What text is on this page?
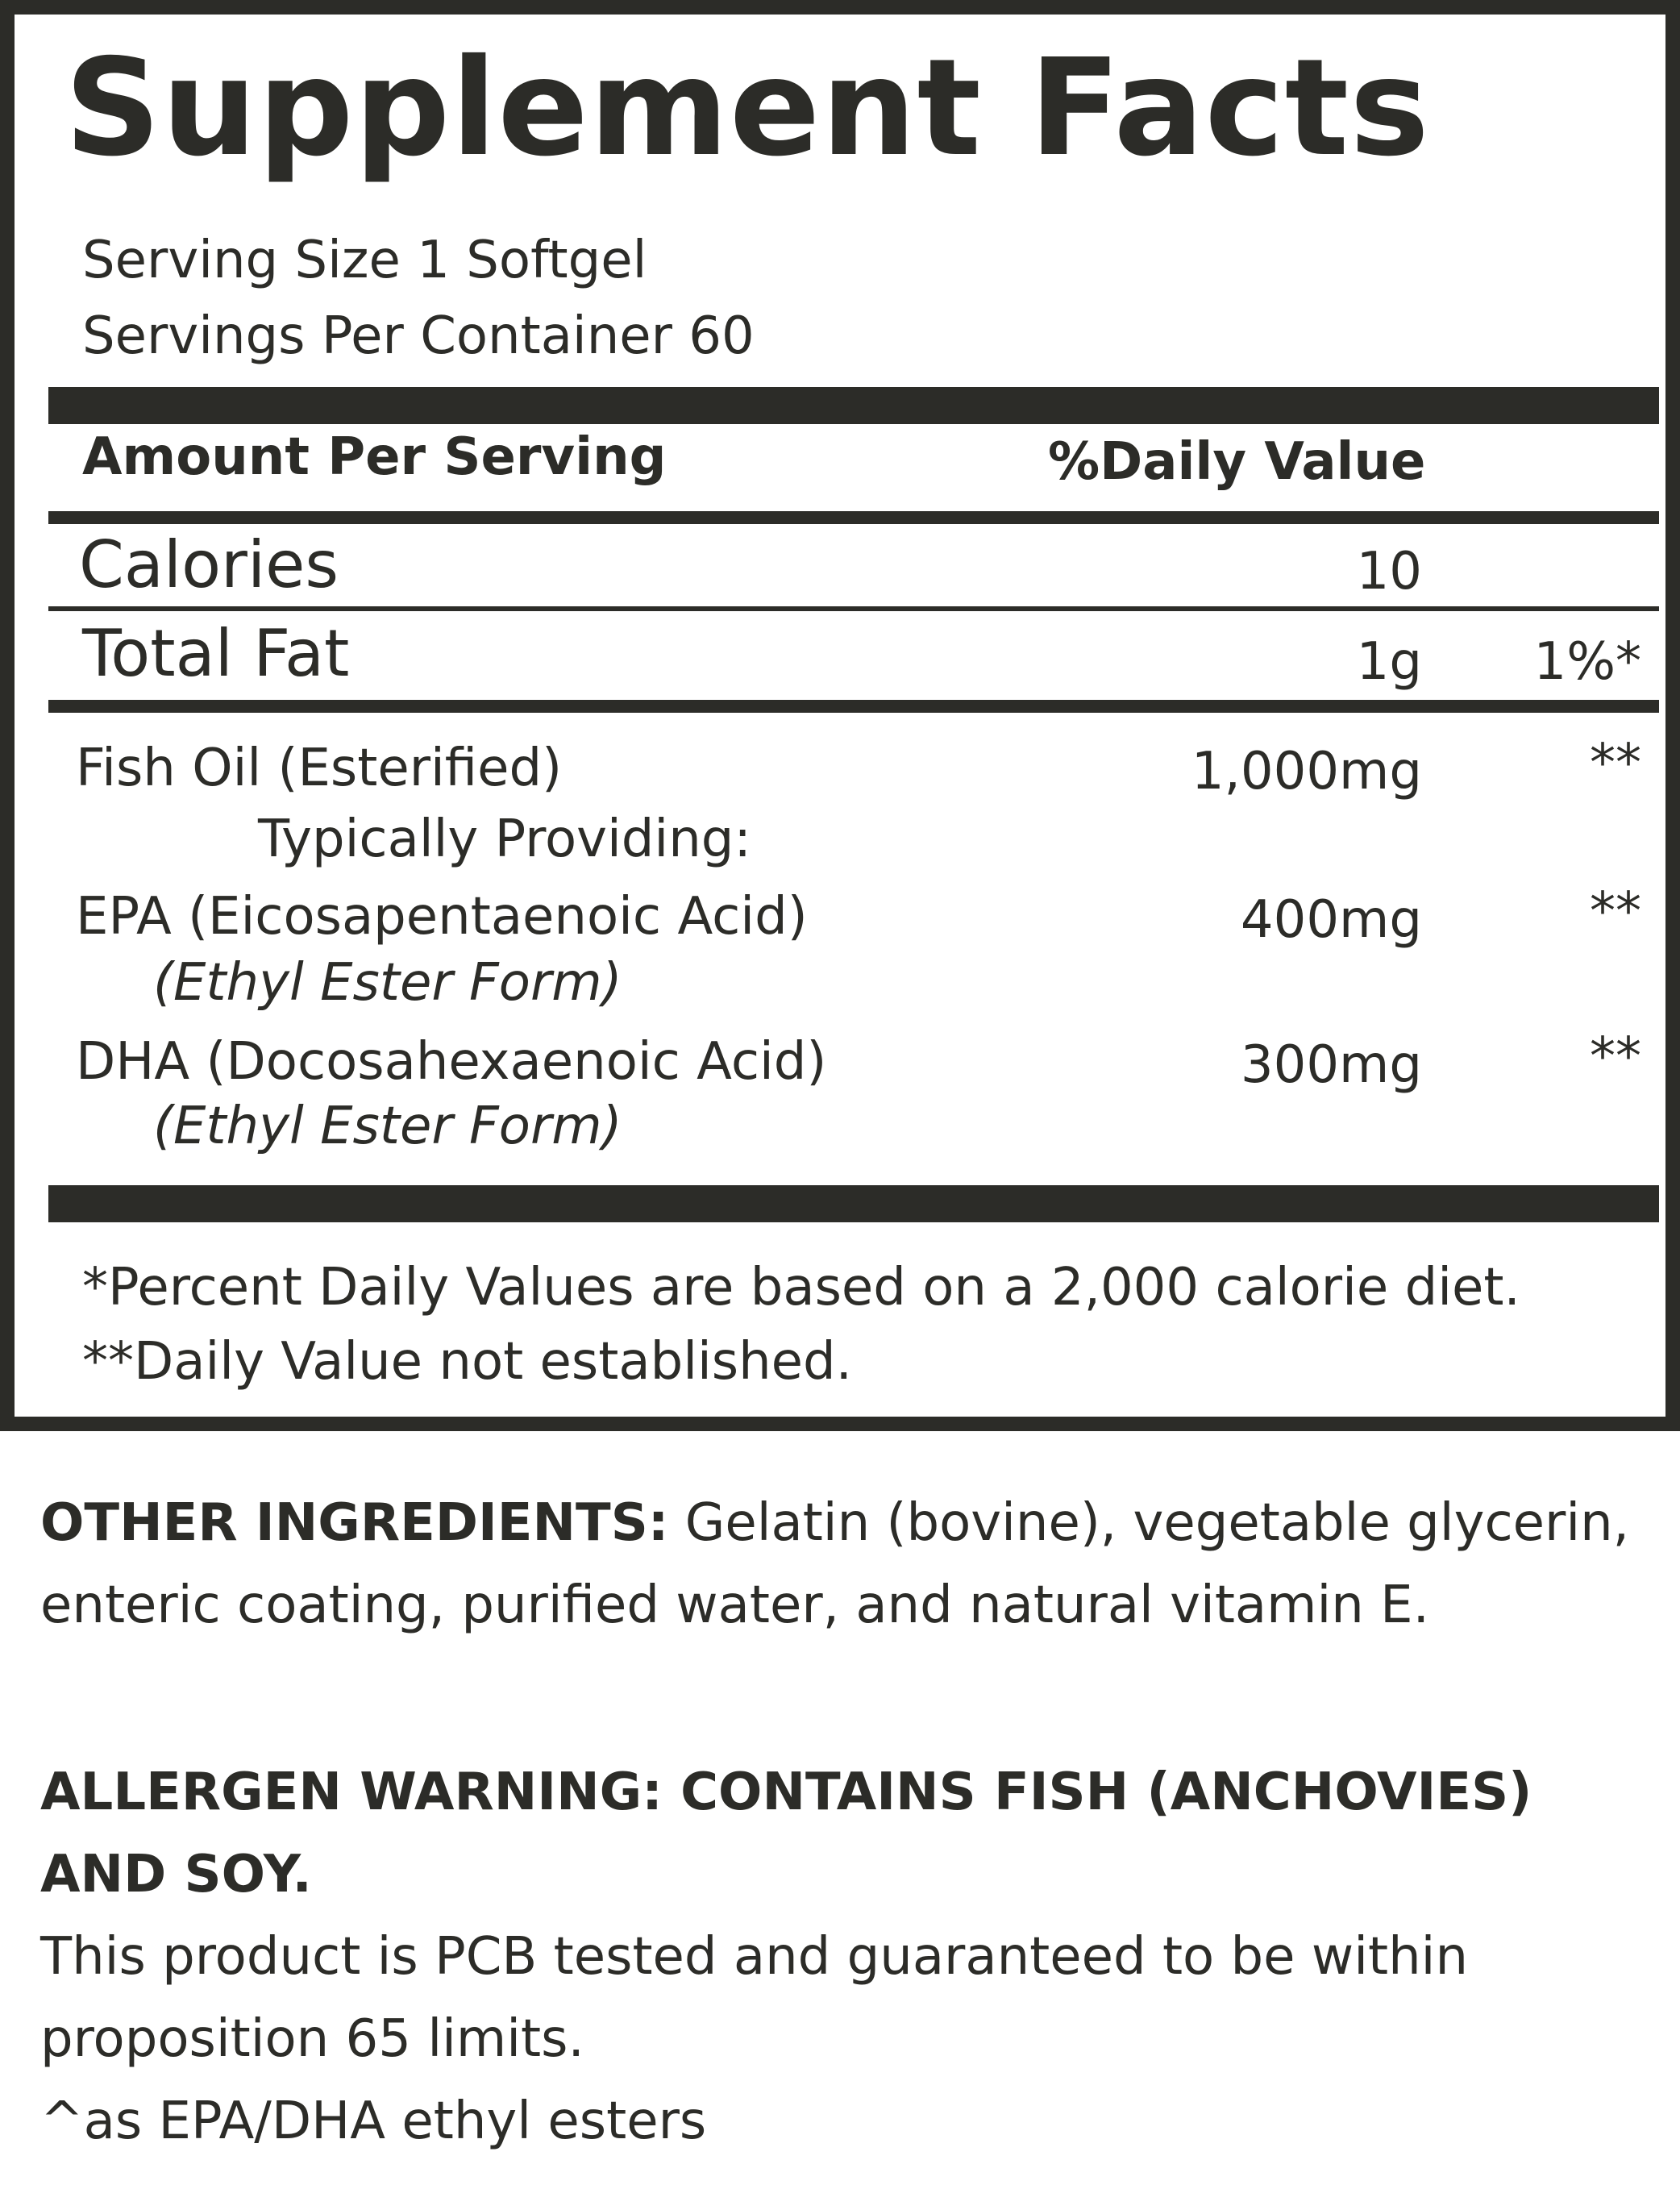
Supplement Facts
Serving Size 1 Softgel
Servings Per Container 60
Amount Per Serving	%Daily Value
Calories	10
Total Fat	1g	1%*
Fish Oil (Esterified)	1,000mg	**
Typically Providing:
EPA (Eicosapentaenoic Acid)	400mg	**
(Ethyl Ester Form)
DHA (Docosahexaenoic Acid)	300mg	**
(Ethyl Ester Form)
*Percent Daily Values are based on a 2,000 calorie diet.
**Daily Value not established.
OTHER INGREDIENTS: Gelatin (bovine), vegetable glycerin, enteric coating, purified water, and natural vitamin E.
ALLERGEN WARNING: CONTAINS FISH (ANCHOVIES) AND SOY.
This product is PCB tested and guaranteed to be within proposition 65 limits.
^as EPA/DHA ethyl esters
